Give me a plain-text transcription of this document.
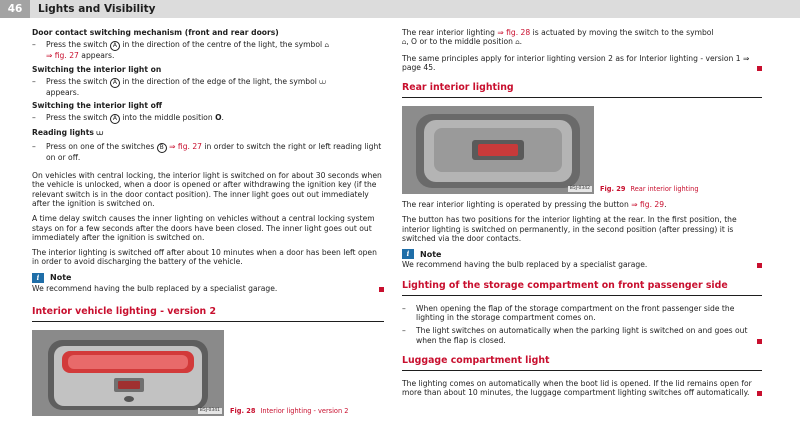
46	Lights and Visibility
Door contact switching mechanism (front and rear doors)
– Press the switch A in the direction of the centre of the light, the symbol ⩍
⇒ fig. 27 appears.
Switching the interior light on
– Press the switch A in the direction of the edge of the light, the symbol ⩊
appears.
Switching the interior light off
– Press the switch A into the middle position O.
Reading lights ⩊
– Press on one of the switches B ⇒ fig. 27 in order to switch the right or left reading light on or off.

On vehicles with central locking, the interior light is switched on for about 30 seconds when the vehicle is unlocked, when a door is opened or after withdrawing the ignition key (if the relevant switch is in the door contact position). The inner light goes out out immediately after the ignition is switched on.

A time delay switch causes the inner lighting on vehicles without a central locking system stays on for a few seconds after the doors have been closed. The inner light goes out out immediately after the ignition is switched on.

The interior lighting is switched off after about 10 minutes when a door has been left open in order to avoid discharging the battery of the vehicle.

i	Note

We recommend having the bulb replaced by a specialist garage.

Interior vehicle lighting - version 2
B5J-0341	Fig. 28 Interior lighting - version 2

The rear interior lighting ⇒ fig. 28 is actuated by moving the switch to the symbol
⩍, O or to the middle position ⩍.

The same principles apply for interior lighting version 2 as for Interior lighting - version 1 ⇒ page 45.

Rear interior lighting
B5J-0342	Fig. 29 Rear interior lighting

The rear interior lighting is operated by pressing the button ⇒ fig. 29.

The button has two positions for the interior lighting at the rear. In the first position, the interior lighting is switched on permanently, in the second position (after pressing) it is switched via the door contacts.

i	Note

We recommend having the bulb replaced by a specialist garage.

Lighting of the storage compartment on front passenger side
– When opening the flap of the storage compartment on the front passenger side the lighting in the storage compartment comes on.
– The light switches on automatically when the parking light is switched on and goes out when the flap is closed.
Luggage compartment light

The lighting comes on automatically when the boot lid is opened. If the lid remains open for more than about 10 minutes, the luggage compartment lighting switches off automatically.
